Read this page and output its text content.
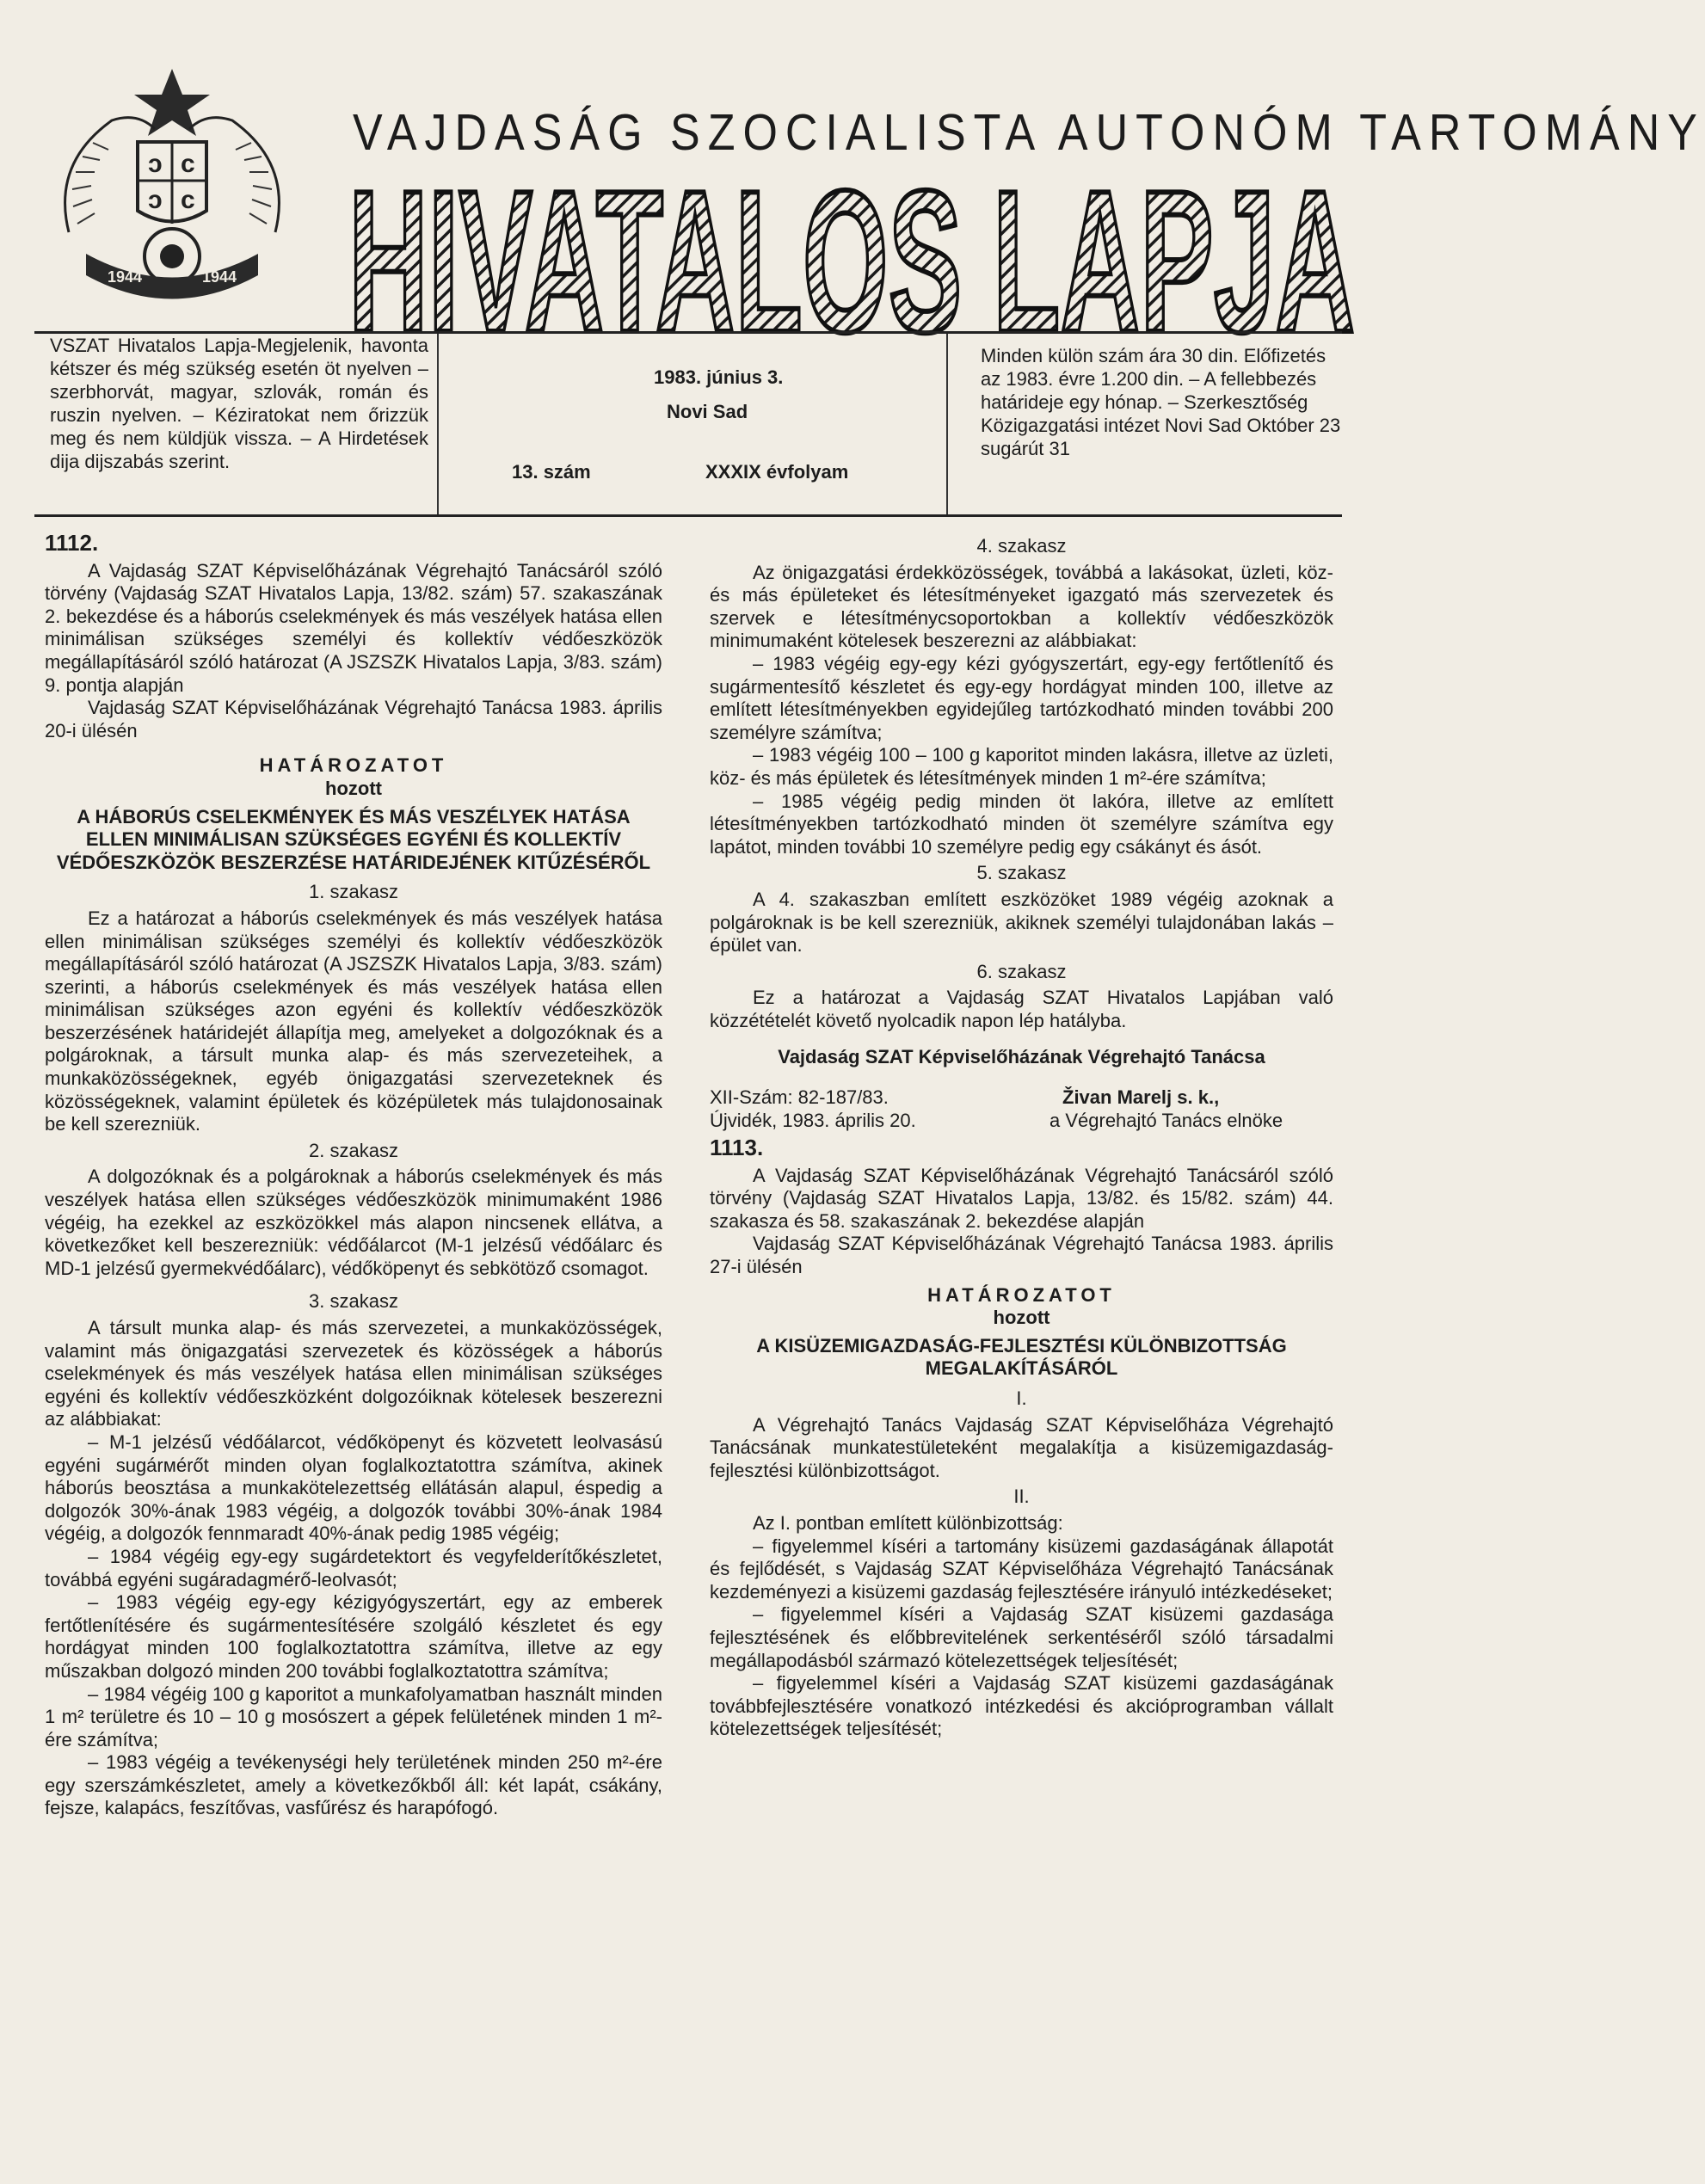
ɔ c
ɔ c
1944	1944
VAJDASÁG SZOCIALISTA AUTONÓM TARTOMÁNY
HIVATALOS LAPJA

VSZAT Hivatalos Lapja-Megjelenik, havonta kétszer és még szükség esetén öt nyelven – szerbhorvát, magyar, szlovák, román és ruszin nyelven. – Kéziratokat nem őrizzük meg és nem küldjük vissza. – A Hirdetések dija dijszabás szerint.

1983. június 3.
Novi Sad
13. szám	XXXIX évfolyam

Minden külön szám ára 30 din. Előfizetés az 1983. évre 1.200 din. – A fellebbezés határideje egy hónap. – Szerkesztőség Közigazgatási intézet Novi Sad Október 23 sugárút 31

1112.

A Vajdaság SZAT Képviselőházának Végrehajtó Tanácsáról szóló törvény (Vajdaság SZAT Hivatalos Lapja, 13/82. szám) 57. szakaszának 2. bekezdése és a háborús cselekmények és más veszélyek hatása ellen minimálisan szükséges személyi és kollektív védőeszközök megállapításáról szóló határozat (A JSZSZK Hivatalos Lapja, 3/83. szám) 9. pontja alapján

Vajdaság SZAT Képviselőházának Végrehajtó Tanácsa 1983. április 20-i ülésén

HATÁROZATOT

hozott

A HÁBORÚS CSELEKMÉNYEK ÉS MÁS VESZÉLYEK HATÁSA ELLEN MINIMÁLISAN SZÜKSÉGES EGYÉNI ÉS KOLLEKTÍV VÉDŐESZKÖZÖK BESZERZÉSE HATÁRIDEJÉNEK KITŰZÉSÉRŐL

1. szakasz

Ez a határozat a háborús cselekmények és más veszélyek hatása ellen minimálisan szükséges személyi és kollektív védőeszközök megállapításáról szóló határozat (A JSZSZK Hivatalos Lapja, 3/83. szám) szerinti, a háborús cselekmények és más veszélyek hatása ellen minimálisan szükséges azon egyéni és kollektív védőeszközök beszerzésének határidejét állapítja meg, amelyeket a dolgozóknak és a polgároknak, a társult munka alap- és más szervezeteihek, a munkaközösségeknek, egyéb önigazgatási szervezeteknek és közösségeknek, valamint épületek és középületek más tulajdonosainak be kell szerezniük.

2. szakasz

A dolgozóknak és a polgároknak a háborús cselekmények és más veszélyek hatása ellen szükséges védőeszközök minimumaként 1986 végéig, ha ezekkel az eszközökkel más alapon nincsenek ellátva, a következőket kell beszerezniük: védőálarcot (M-1 jelzésű védőálarc és MD-1 jelzésű gyermekvédőálarc), védőköpenyt és sebkötöző csomagot.

3. szakasz

A társult munka alap- és más szervezetei, a munkaközösségek, valamint más önigazgatási szervezetek és közösségek a háborús cselekmények és más veszélyek hatása ellen minimálisan szükséges egyéni és kollektív védőeszközként dolgozóiknak kötelesek beszerezni az alábbiakat:

– M-1 jelzésű védőálarcot, védőköpenyt és közvetett leolvasású egyéni sugárмérőt minden olyan foglalkoztatottra számítva, akinek háborús beosztása a munkakötelezettség ellátásán alapul, éspedig a dolgozók 30%-ának 1983 végéig, a dolgozók további 30%-ának 1984 végéig, a dolgozók fennmaradt 40%-ának pedig 1985 végéig;

– 1984 végéig egy-egy sugárdetektort és vegyfelderítőkészletet, továbbá egyéni sugáradagmérő-leolvasót;

– 1983 végéig egy-egy kézigyógyszertárt, egy az emberek fertőtlenítésére és sugármentesítésére szolgáló készletet és egy hordágyat minden 100 foglalkoztatottra számítva, illetve az egy műszakban dolgozó minden 200 további foglalkoztatottra számítva;

– 1984 végéig 100 g kaporitot a munkafolyamatban használt minden 1 m² területre és 10 – 10 g mosószert a gépek felületének minden 1 m²-ére számítva;

– 1983 végéig a tevékenységi hely területének minden 250 m²-ére egy szerszámkészletet, amely a következőkből áll: két lapát, csákány, fejsze, kalapács, feszítővas, vasfűrész és harapófogó.

4. szakasz

Az önigazgatási érdekközösségek, továbbá a lakásokat, üzleti, köz- és más épületeket és létesítményeket igazgató más szervezetek és szervek e létesítménycsoportokban a kollektív védőeszközök minimumaként kötelesek beszerezni az alábbiakat:

– 1983 végéig egy-egy kézi gyógyszertárt, egy-egy fertőtlenítő és sugármentesítő készletet és egy-egy hordágyat minden 100, illetve az említett létesítményekben egyidejűleg tartózkodható minden további 200 személyre számítva;

– 1983 végéig 100 – 100 g kaporitot minden lakásra, illetve az üzleti, köz- és más épületek és létesítmények minden 1 m²-ére számítva;

– 1985 végéig pedig minden öt lakóra, illetve az említett létesítményekben tartózkodható minden öt személyre számítva egy lapátot, minden további 10 személyre pedig egy csákányt és ásót.

5. szakasz

A 4. szakaszban említett eszközöket 1989 végéig azoknak a polgároknak is be kell szerezniük, akiknek személyi tulajdonában lakás – épület van.

6. szakasz

Ez a határozat a Vajdaság SZAT Hivatalos Lapjában való közzétételét követő nyolcadik napon lép hatályba.

Vajdaság SZAT Képviselőházának Végrehajtó Tanácsa

XII-Szám: 82-187/83.
Újvidék, 1983. április 20.
Živan Marelj s. k.,
a Végrehajtó Tanács elnöke

1113.

A Vajdaság SZAT Képviselőházának Végrehajtó Tanácsáról szóló törvény (Vajdaság SZAT Hivatalos Lapja, 13/82. és 15/82. szám) 44. szakasza és 58. szakaszának 2. bekezdése alapján

Vajdaság SZAT Képviselőházának Végrehajtó Tanácsa 1983. április 27-i ülésén

HATÁROZATOT

hozott

A KISÜZEMIGAZDASÁG-FEJLESZTÉSI KÜLÖNBIZOTTSÁG MEGALAKÍTÁSÁRÓL

I.

A Végrehajtó Tanács Vajdaság SZAT Képviselőháza Végrehajtó Tanácsának munkatestületeként megalakítja a kisüzemigazdaság-fejlesztési különbizottságot.

II.

Az I. pontban említett különbizottság:

– figyelemmel kíséri a tartomány kisüzemi gazdaságának állapotát és fejlődését, s Vajdaság SZAT Képviselőháza Végrehajtó Tanácsának kezdeményezi a kisüzemi gazdaság fejlesztésére irányuló intézkedéseket;

– figyelemmel kíséri a Vajdaság SZAT kisüzemi gazdasága fejlesztésének és előbbrevitelének serkentéséről szóló társadalmi megállapodásból származó kötelezettségek teljesítését;

– figyelemmel kíséri a Vajdaság SZAT kisüzemi gazdaságának továbbfejlesztésére vonatkozó intézkedési és akcióprogramban vállalt kötelezettségek teljesítését;
